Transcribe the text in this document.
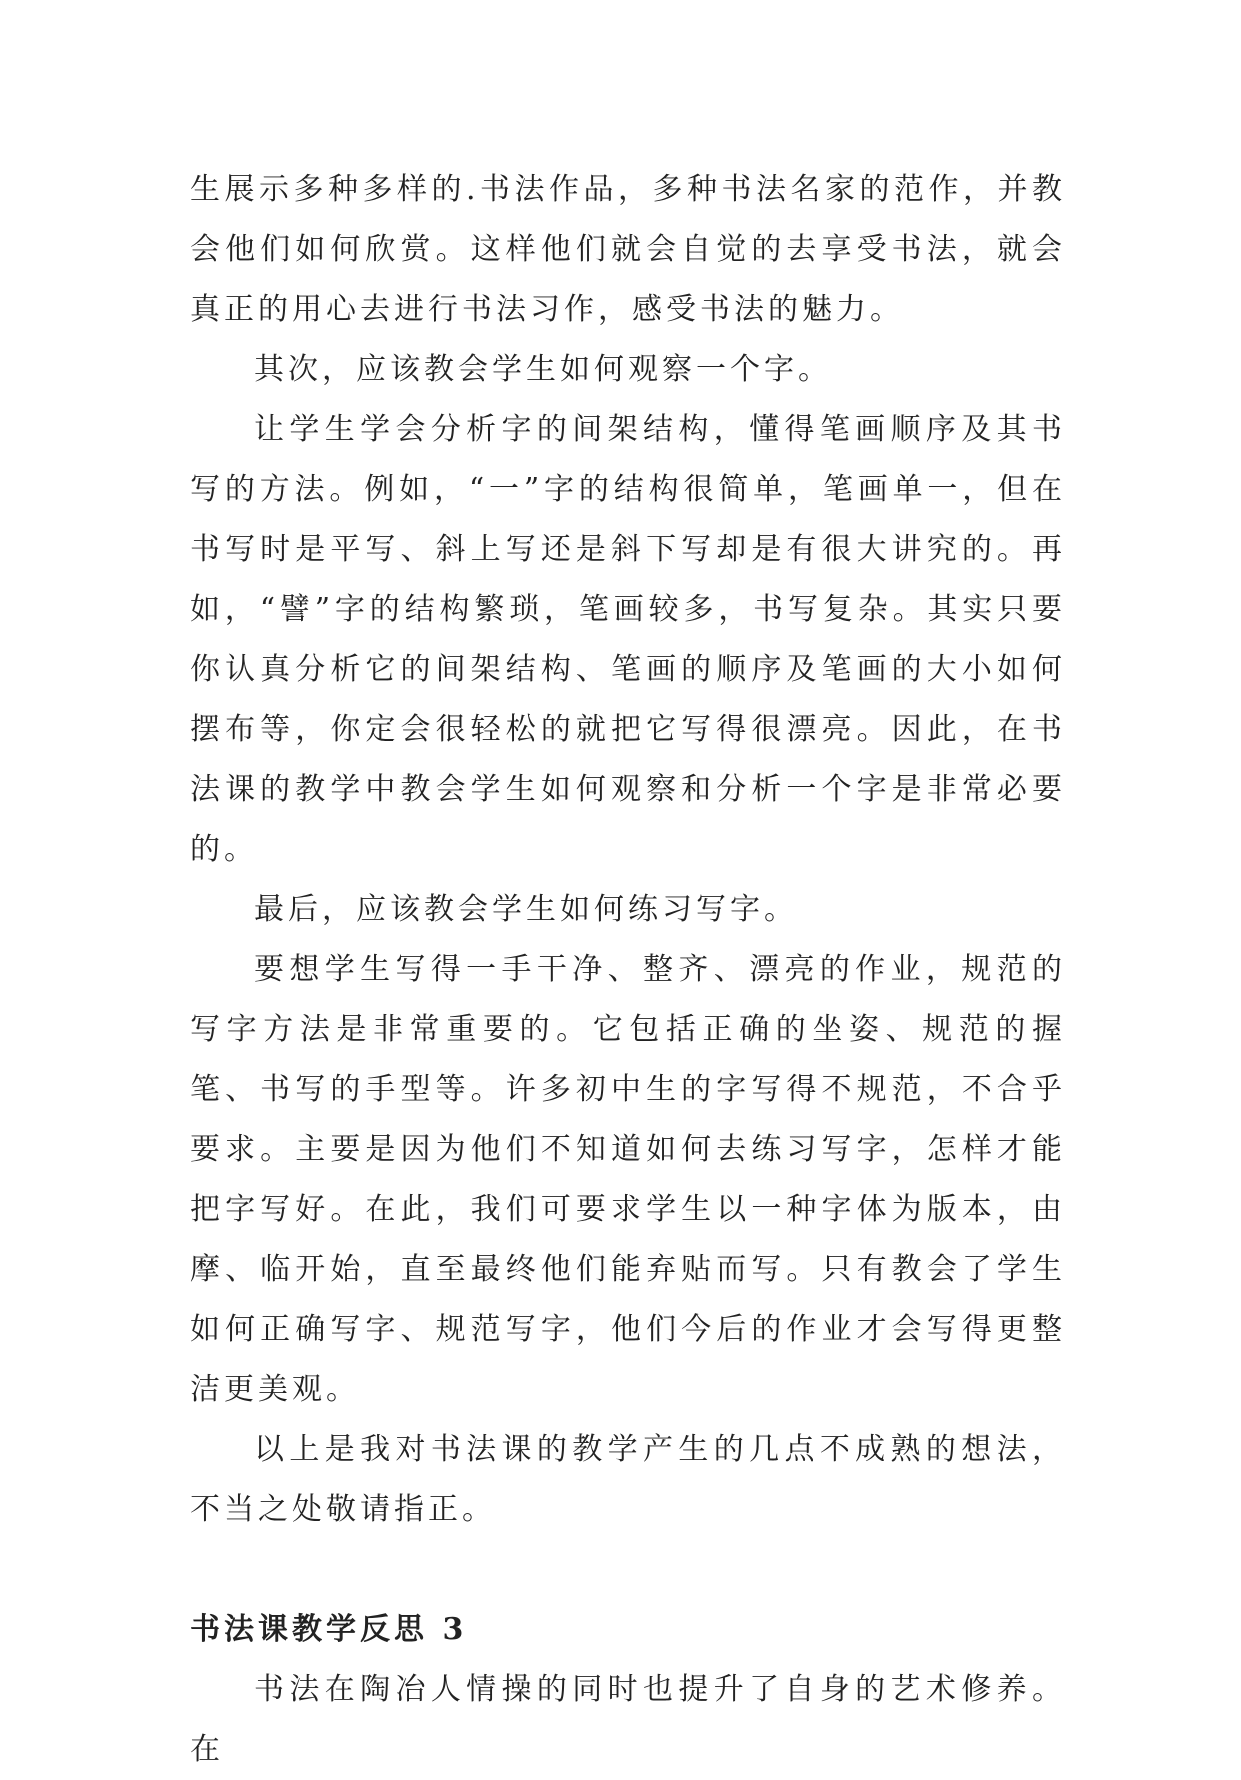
生展示多种多样的.书法作品，多种书法名家的范作，并教会他们如何欣赏。这样他们就会自觉的去享受书法，就会真正的用心去进行书法习作，感受书法的魅力。

其次，应该教会学生如何观察一个字。

让学生学会分析字的间架结构，懂得笔画顺序及其书写的方法。例如，“一”字的结构很简单，笔画单一，但在书写时是平写、斜上写还是斜下写却是有很大讲究的。再如，“譬”字的结构繁琐，笔画较多，书写复杂。其实只要你认真分析它的间架结构、笔画的顺序及笔画的大小如何摆布等，你定会很轻松的就把它写得很漂亮。因此，在书法课的教学中教会学生如何观察和分析一个字是非常必要的。

最后，应该教会学生如何练习写字。

要想学生写得一手干净、整齐、漂亮的作业，规范的写字方法是非常重要的。它包括正确的坐姿、规范的握笔、书写的手型等。许多初中生的字写得不规范，不合乎要求。主要是因为他们不知道如何去练习写字，怎样才能把字写好。在此，我们可要求学生以一种字体为版本，由摩、临开始，直至最终他们能弃贴而写。只有教会了学生如何正确写字、规范写字，他们今后的作业才会写得更整洁更美观。

以上是我对书法课的教学产生的几点不成熟的想法，不当之处敬请指正。

书法课教学反思 3

书法在陶冶人情操的同时也提升了自身的艺术修养。在
